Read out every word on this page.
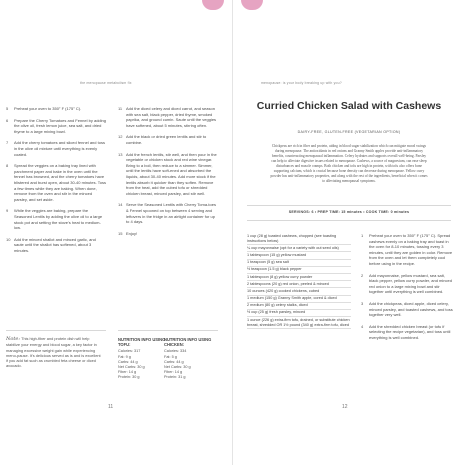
the menopause metabolism fix
5	Preheat your oven to 350° F (175° C).
6	Prepare the Cherry Tomatoes and Fennel by adding the olive oil, fresh lemon juice, sea salt, and dried thyme to a large mixing bowl.
7	Add the cherry tomatoes and sliced fennel and toss in the olive oil mixture until everything is evenly coated.
8	Spread the veggies on a baking tray lined with parchment paper and bake in the oven until the fennel has browned, and the cherry tomatoes have blistered and burst open, about 30-40 minutes. Toss a few times while they are baking. When done, remove from the oven and stir in the minced parsley, and set aside.
9	While the veggies are baking, prepare the Seasoned Lentils by adding the olive oil to a large stock pot and setting the stove's heat to medium-low.
10 Add the minced shallot and minced garlic, and saute until the shallot has softened, about 3 minutes.
11 Add the diced celery and diced carrot, and season with sea salt, black pepper, dried thyme, smoked paprika, and ground cumin. Saute until the veggies have softened, about 5 minutes, stirring often.
12 Add the black or dried green lentils and stir to combine.
13 Add the french lentils, stir well, and then pour in the vegetable or chicken stock and red wine vinegar. Bring to a boil, then reduce to a simmer. Simmer, until the lentils have soft-ened and absorbed the liquids, about 30-40 minutes. Add more stock if the lentils absorb it quicker than they soften. Remove from the heat, add the cubed tofu or shredded chicken breast, minced parsley, and stir well.
14 Serve the Seasoned Lentils with Cherry Toma-toes & Fennel spooned on top between 4 serving and leftovers in the fridge in an airtight container for up to 4 days.
15 Enjoy!
Note: This high-fiber and protein dish will help stabilize your energy and blood sugar, a key factor in managing excessive weight gain while experiencing meno-pause. It's delicious served as is and is excellent if you add fat such as crumbled feta cheese or diced avocado.
NUTRITION INFO USING TOFU:
Calories: 317
Fat: 9 g
Carbs: 44 g
Net Carbs: 30 g
Fiber: 14 g
Protein: 30 g
NUTRITION INFO USING CHICKEN:
Calories: 334
Fat: 5 g
Carbs: 44 g
Net Carbs: 30 g
Fiber: 14 g
Protein: 31 g
11
menopause: is your body breaking up with you?
Curried Chicken Salad with Cashews
DAIRY-FREE, GLUTEN-FREE (VEGETARIAN OPTION)
Chickpeas are rich in fiber and protein, aiding in blood sugar stabilization which can mitigate mood swings during menopause. The antioxidants in red onions and Granny Smith apples provide anti-inflammatory benefits, counteracting menopausal inflammation. Celery hydrates and supports overall well-being. Parsley can help to alleviate digestive issues related to menopause. Cashews, a source of magnesium, can ease sleep disturbances and muscle cramps. Both chicken and tofu are high in protein, with tofu also offers bone supporting calcium, which is crucial because bone density can decrease during menopause. Yellow curry powder has anti-inflammatory properties, and along with the rest of the ingredients, beneficial when it comes to alleviating menopausal symptoms.
SERVINGS: 6 • PREP TIME: 15 minutes • COOK TIME: 0 minutes
1 cup (28 g) toasted cashews, chopped (see toasting instructions below)
¼ cup mayonnaise (opt for a variety with out seed oils)
1 tablespoon (15 g) yellow mustard
1 teaspoon (5 g) sea salt
½ teaspoon (1.5 g) black pepper
1 tablespoon (8 g) yellow curry powder
2 tablespoons (20 g) red onion, peeled & minced
10 ounces (420 g) cooked chickens, cubed
1 medium (150 g) Granny Smith apple, cored & diced
2 medium (80 g) celery stalks, diced
½ cup (25 g) fresh parsley, minced
1 ounce (226 g) extra-firm tofu, drained, or substitute chicken breast, shredded OR 1½ pound (340 g) extra-firm tofu, diced
1	Preheat your oven to 350° F (175° C). Spread cashews evenly on a baking tray and toast in the oven for 8-10 minutes, tossing every 3 minutes, until they are golden in color. Remove from the oven and let them completely cool before using in the recipe.
2	Add mayonnaise, yellow mustard, sea salt, black pepper, yellow curry powder, and minced red onion to a large mixing bowl and stir together until everything is well combined.
3	Add the chickpeas, diced apple, diced celery, minced parsley, and toasted cashews, and toss together very well.
4	Add the shredded chicken breast (or tofu if selecting the recipe vegetarian), and toss until everything is well combined.
12
